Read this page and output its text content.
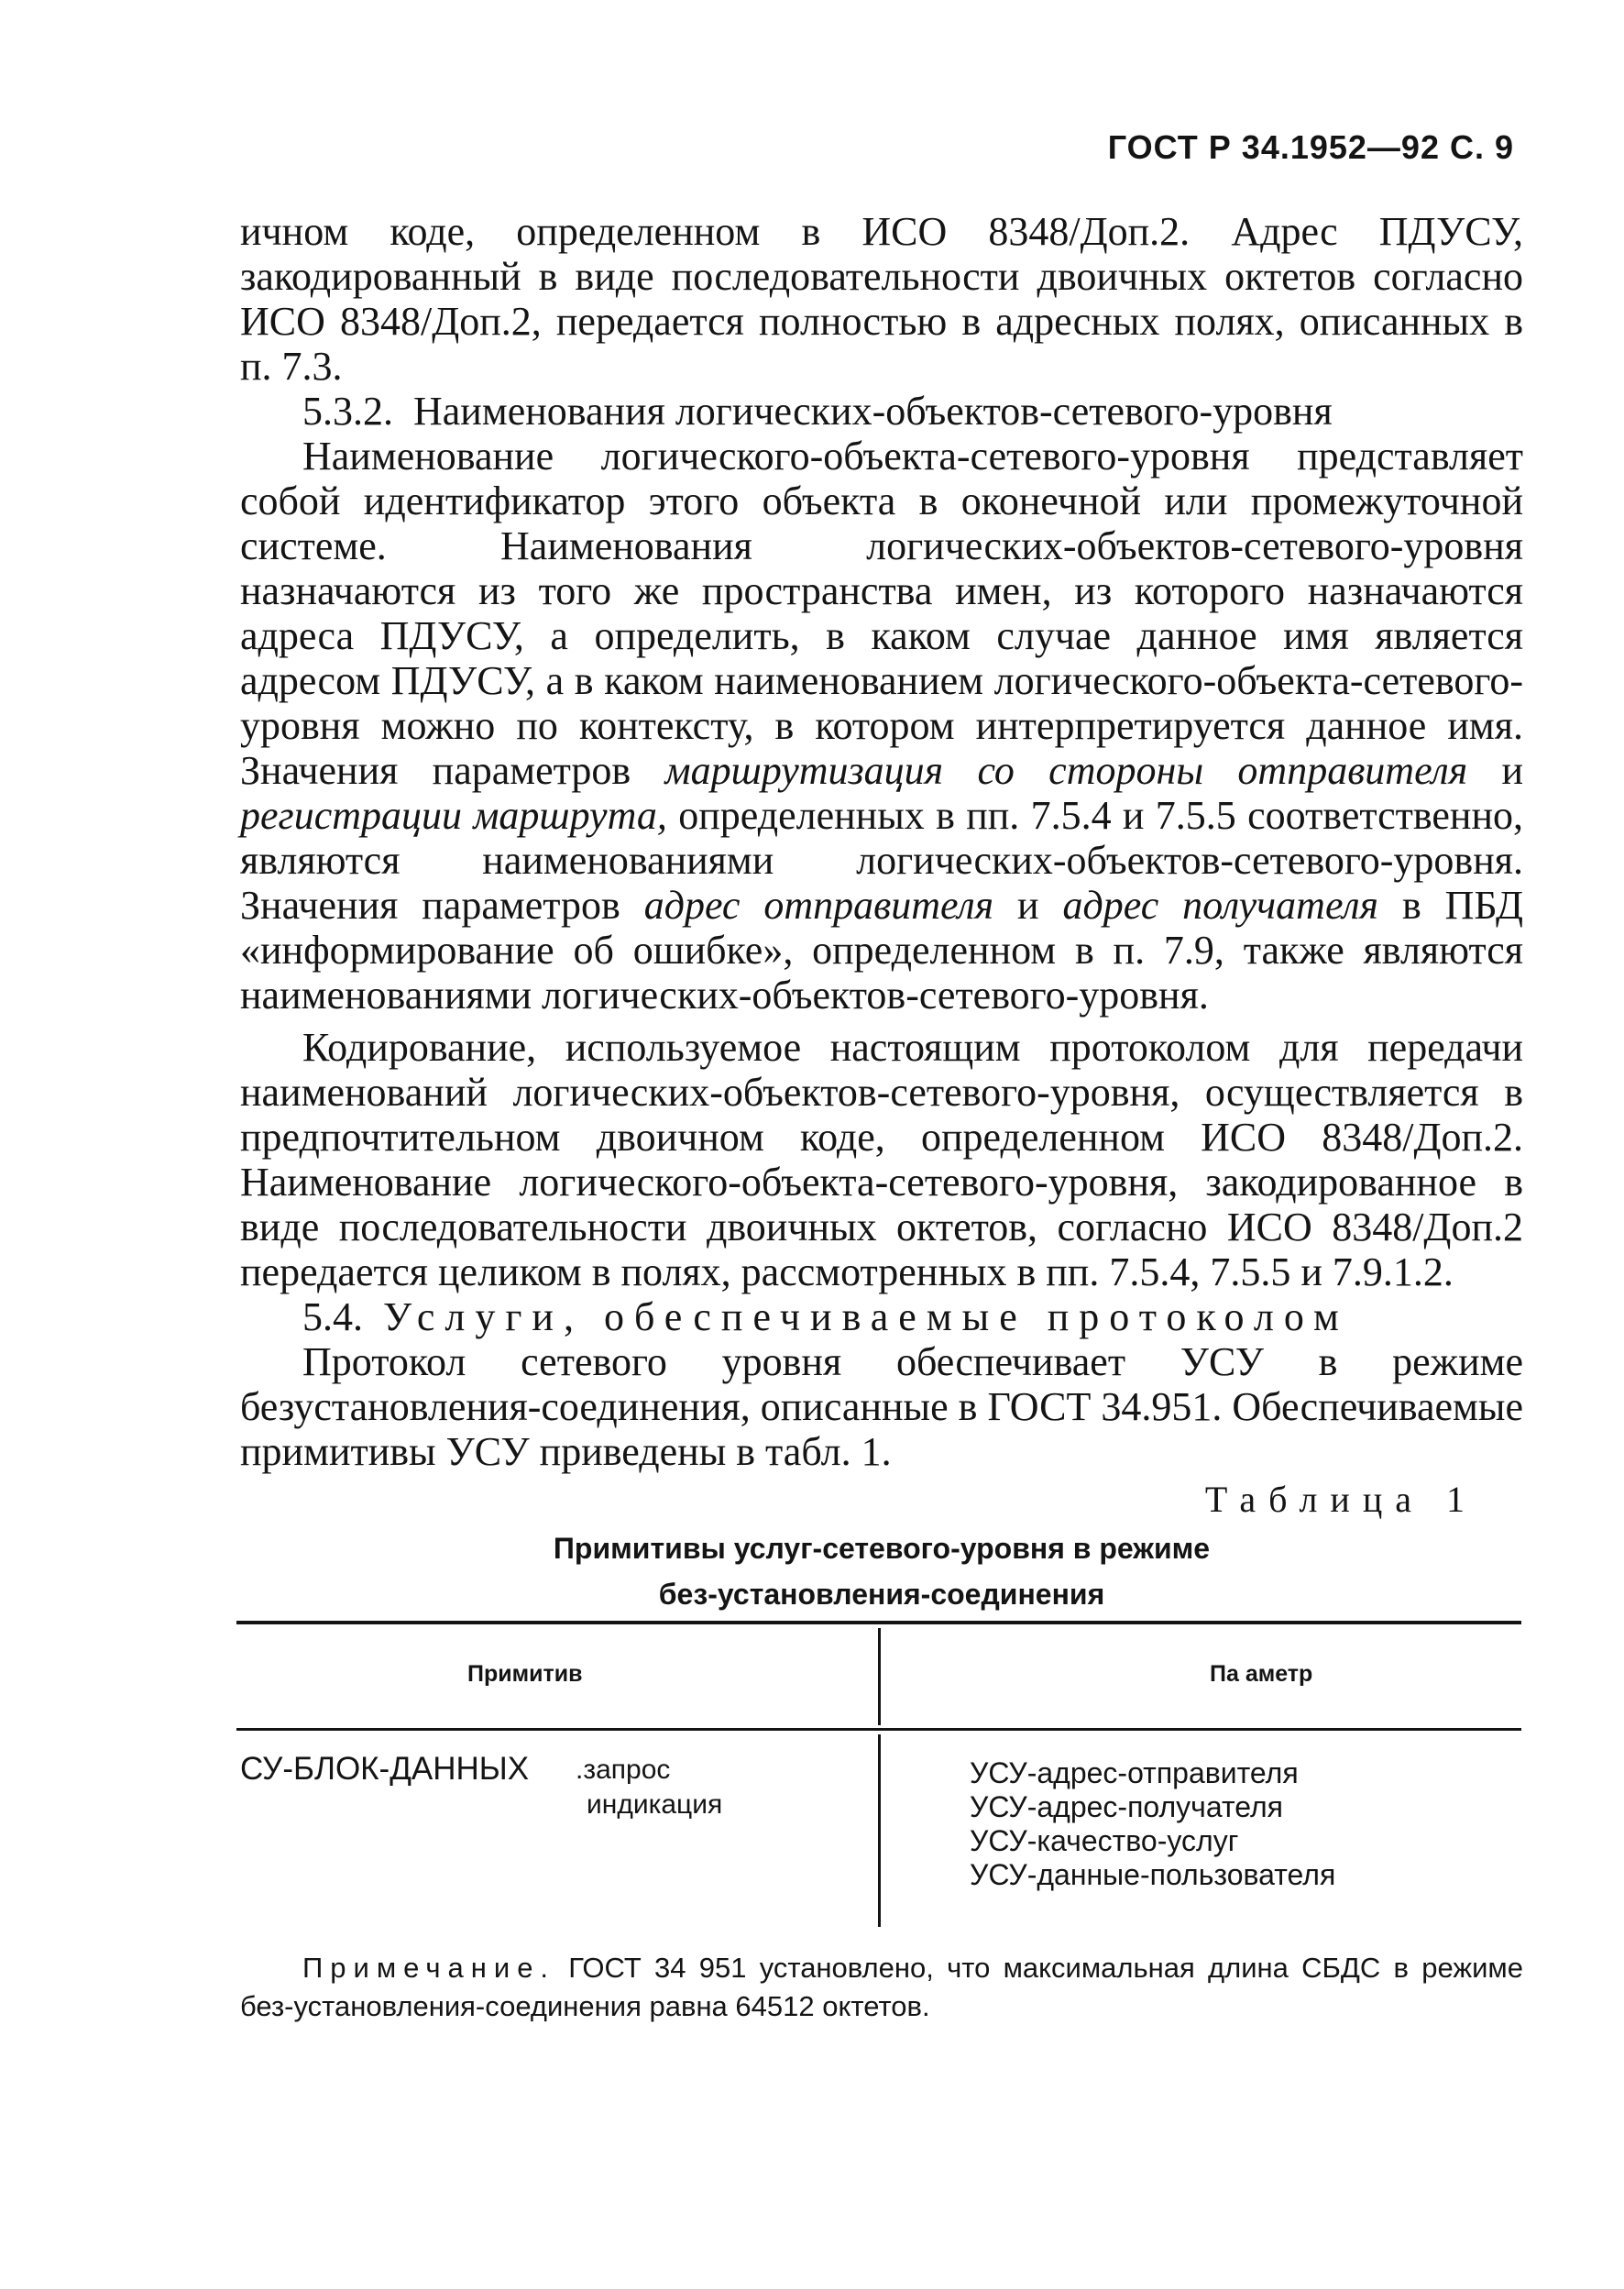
ГОСТ Р 34.1952—92 С. 9

ичном коде, определенном в ИСО 8348/Доп.2. Адрес ПДУСУ, закодированный в виде последовательности двоичных октетов согласно ИСО 8348/Доп.2, передается полностью в адресных полях, описанных в п. 7.3.

5.3.2. Наименования логических-объектов-сетевого-уровня

Наименование логического-объекта-сетевого-уровня представляет собой идентификатор этого объекта в оконечной или промежуточной системе. Наименования логических-объектов-сетевого-уровня назначаются из того же пространства имен, из которого назначаются адреса ПДУСУ, а определить, в каком случае данное имя является адресом ПДУСУ, а в каком наименованием логического-объекта-сетевого-уровня можно по контексту, в котором интерпретируется данное имя. Значения параметров маршрутизация со стороны отправителя и регистрации маршрута, определенных в пп. 7.5.4 и 7.5.5 соответственно, являются наименованиями логических-объектов-сетевого-уровня. Значения параметров адрес отправителя и адрес получателя в ПБД «информирование об ошибке», определенном в п. 7.9, также являются наименованиями логических-объектов-сетевого-уровня.

Кодирование, используемое настоящим протоколом для передачи наименований логических-объектов-сетевого-уровня, осуществляется в предпочтительном двоичном коде, определенном ИСО 8348/Доп.2. Наименование логического-объекта-сетевого-уровня, закодированное в виде последовательности двоичных октетов, согласно ИСО 8348/Доп.2 передается целиком в полях, рассмотренных в пп. 7.5.4, 7.5.5 и 7.9.1.2.

5.4. Услуги, обеспечиваемые протоколом

Протокол сетевого уровня обеспечивает УСУ в режиме безустановления-соединения, описанные в ГОСТ 34.951. Обеспечиваемые примитивы УСУ приведены в табл. 1.

Таблица 1
Примитивы услуг-сетевого-уровня в режиме
без-установления-соединения
Примитив	Па аметр
СУ-БЛОК-ДАННЫХ .запрос
индикация
УСУ-адрес-отправителя
УСУ-адрес-получателя
УСУ-качество-услуг
УСУ-данные-пользователя
Примечание. ГОСТ 34 951 установлено, что максимальная длина СБДС в режиме без-установления-соединения равна 64512 октетов.
